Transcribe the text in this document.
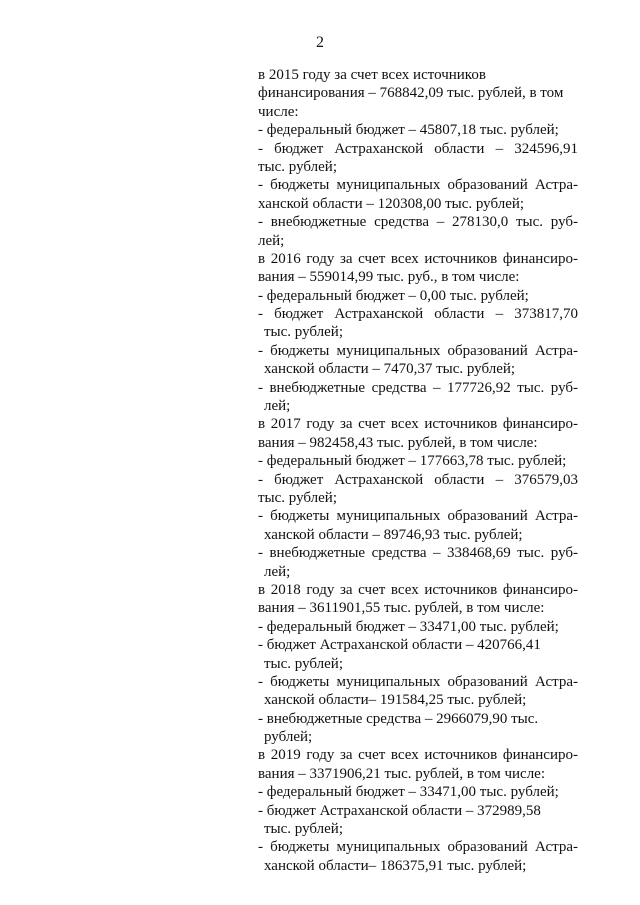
2
в 2015 году за счет всех источников
финансирования – 768842,09 тыс. рублей, в том
числе:
- федеральный бюджет – 45807,18 тыс. рублей;
- бюджет Астраханской области – 324596,91
тыс. рублей;
- бюджеты муниципальных образований Астра-
ханской области – 120308,00 тыс. рублей;
- внебюджетные средства – 278130,0 тыс. руб-
лей;
в 2016 году за счет всех источников финансиро-
вания – 559014,99 тыс. руб., в том числе:
- федеральный бюджет – 0,00 тыс. рублей;
- бюджет Астраханской области – 373817,70
тыс. рублей;
- бюджеты муниципальных образований Астра-
ханской области – 7470,37 тыс. рублей;
- внебюджетные средства – 177726,92 тыс. руб-
лей;
в 2017 году за счет всех источников финансиро-
вания – 982458,43 тыс. рублей, в том числе:
- федеральный бюджет – 177663,78 тыс. рублей;
- бюджет Астраханской области – 376579,03
тыс. рублей;
- бюджеты муниципальных образований Астра-
ханской области – 89746,93 тыс. рублей;
- внебюджетные средства – 338468,69 тыс. руб-
лей;
в 2018 году за счет всех источников финансиро-
вания – 3611901,55 тыс. рублей, в том числе:
- федеральный бюджет – 33471,00 тыс. рублей;
- бюджет Астраханской области – 420766,41
тыс. рублей;
- бюджеты муниципальных образований Астра-
ханской области– 191584,25 тыс. рублей;
- внебюджетные средства – 2966079,90 тыс.
рублей;
в 2019 году за счет всех источников финансиро-
вания – 3371906,21 тыс. рублей, в том числе:
- федеральный бюджет – 33471,00 тыс. рублей;
- бюджет Астраханской области – 372989,58
тыс. рублей;
- бюджеты муниципальных образований Астра-
ханской области– 186375,91 тыс. рублей;
